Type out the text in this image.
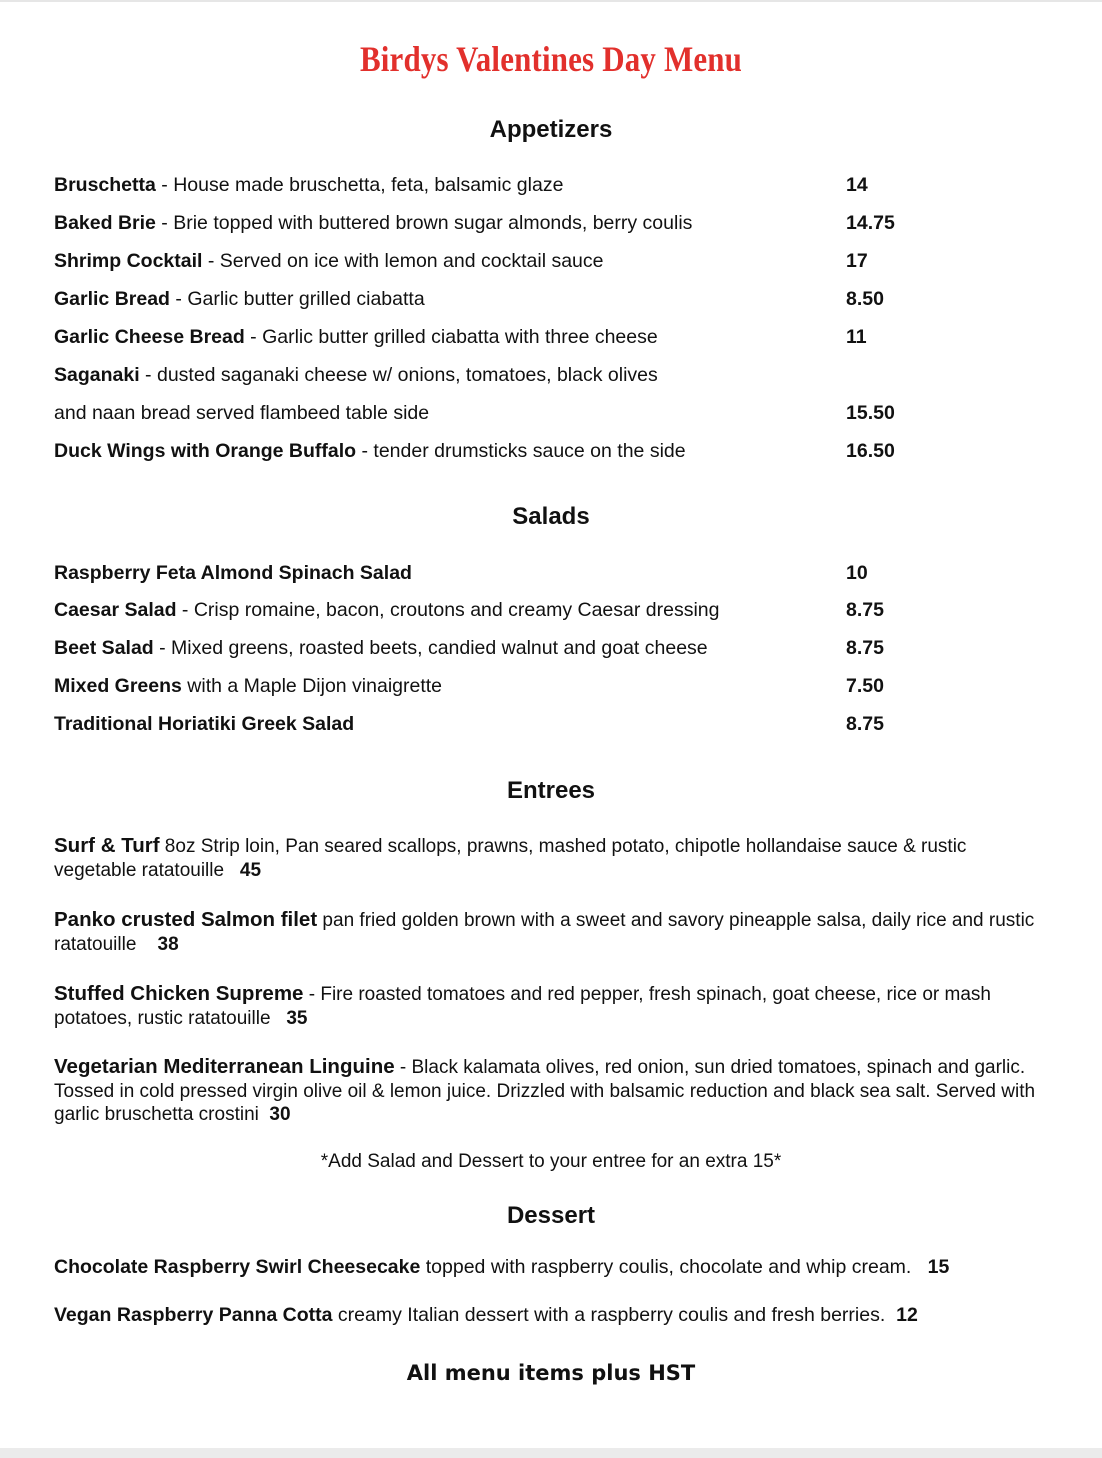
Birdys Valentines Day Menu
Appetizers
Bruschetta - House made bruschetta, feta, balsamic glaze	14
Baked Brie - Brie topped with buttered brown sugar almonds, berry coulis	14.75
Shrimp Cocktail - Served on ice with lemon and cocktail sauce	17
Garlic Bread - Garlic butter grilled ciabatta	8.50
Garlic Cheese Bread - Garlic butter grilled ciabatta with three cheese	11
Saganaki - dusted saganaki cheese w/ onions, tomatoes, black olives
and naan bread served flambeed table side	15.50
Duck Wings with Orange Buffalo - tender drumsticks sauce on the side	16.50
Salads
Raspberry Feta Almond Spinach Salad	10
Caesar Salad - Crisp romaine, bacon, croutons and creamy Caesar dressing	8.75
Beet Salad - Mixed greens, roasted beets, candied walnut and goat cheese	8.75
Mixed Greens with a Maple Dijon vinaigrette	7.50
Traditional Horiatiki Greek Salad	8.75
Entrees
Surf & Turf 8oz Strip loin, Pan seared scallops, prawns, mashed potato, chipotle hollandaise sauce & rustic vegetable ratatouille   45
Panko crusted Salmon filet pan fried golden brown with a sweet and savory pineapple salsa, daily rice and rustic ratatouille    38
Stuffed Chicken Supreme - Fire roasted tomatoes and red pepper, fresh spinach, goat cheese, rice or mash potatoes, rustic ratatouille   35
Vegetarian Mediterranean Linguine - Black kalamata olives, red onion, sun dried tomatoes, spinach and garlic. Tossed in cold pressed virgin olive oil & lemon juice. Drizzled with balsamic reduction and black sea salt. Served with garlic bruschetta crostini  30
*Add Salad and Dessert to your entree for an extra 15*
Dessert
Chocolate Raspberry Swirl Cheesecake topped with raspberry coulis, chocolate and whip cream.   15
Vegan Raspberry Panna Cotta creamy Italian dessert with a raspberry coulis and fresh berries.  12
All menu items plus HST
